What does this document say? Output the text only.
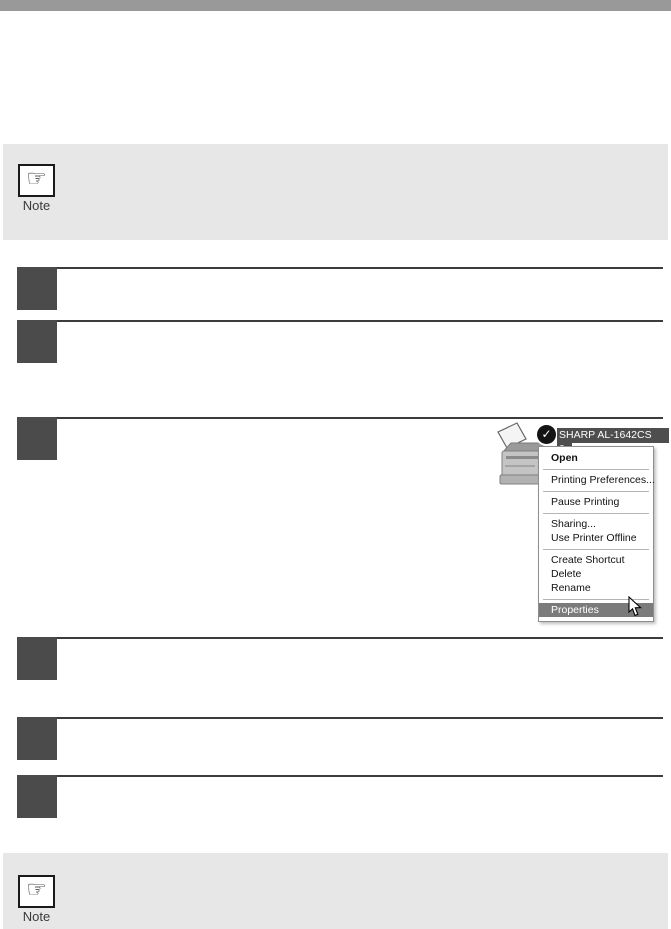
☞
Note
✓ SHARP AL-1642CS
Open
Printing Preferences...
Pause Printing
Sharing...
Use Printer Offline
Create Shortcut
Delete
Rename
Properties
☞
Note
